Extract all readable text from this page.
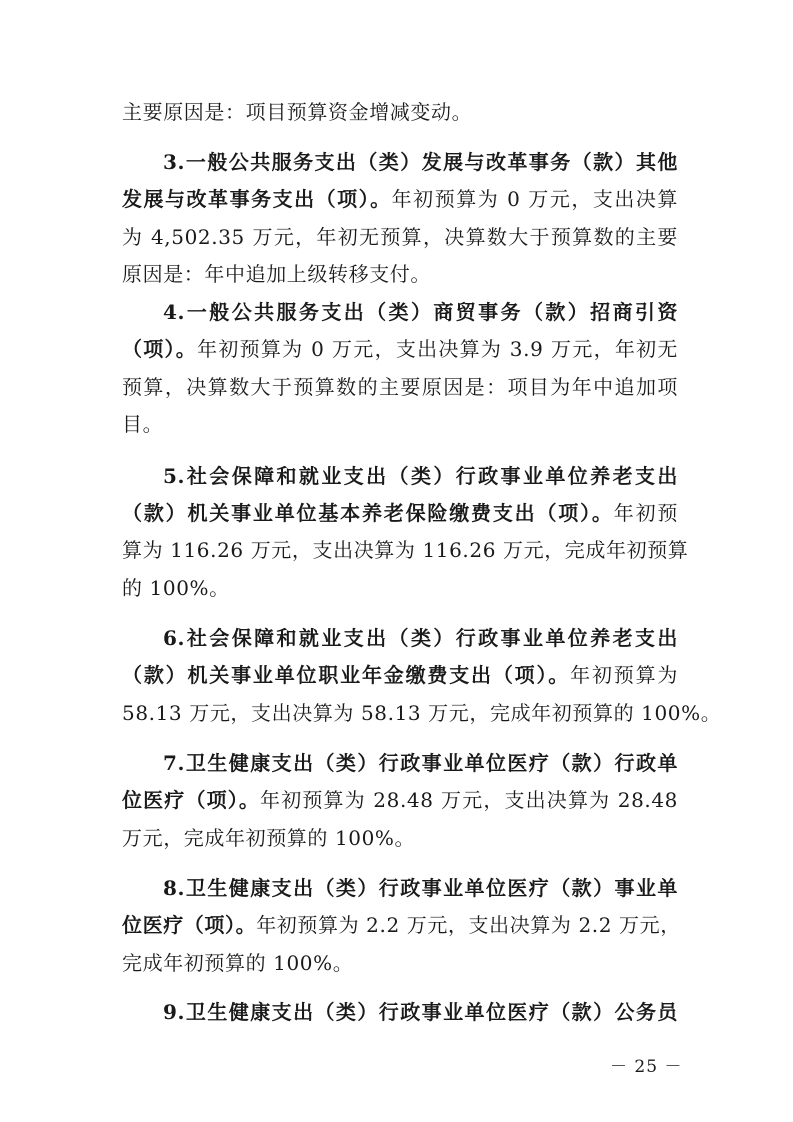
主要原因是：项目预算资金增减变动。
3.一般公共服务支出（类）发展与改革事务（款）其他
发展与改革事务支出（项）。年初预算为 0 万元，支出决算
为 4,502.35 万元，年初无预算，决算数大于预算数的主要
原因是：年中追加上级转移支付。
4.一般公共服务支出（类）商贸事务（款）招商引资
（项）。年初预算为 0 万元，支出决算为 3.9 万元，年初无
预算，决算数大于预算数的主要原因是：项目为年中追加项
目。
5.社会保障和就业支出（类）行政事业单位养老支出
（款）机关事业单位基本养老保险缴费支出（项）。年初预
算为 116.26 万元，支出决算为 116.26 万元，完成年初预算
的 100%。
6.社会保障和就业支出（类）行政事业单位养老支出
（款）机关事业单位职业年金缴费支出（项）。年初预算为
58.13 万元，支出决算为 58.13 万元，完成年初预算的 100%。
7.卫生健康支出（类）行政事业单位医疗（款）行政单
位医疗（项）。年初预算为 28.48 万元，支出决算为 28.48
万元，完成年初预算的 100%。
8.卫生健康支出（类）行政事业单位医疗（款）事业单
位医疗（项）。年初预算为 2.2 万元，支出决算为 2.2 万元，
完成年初预算的 100%。
9.卫生健康支出（类）行政事业单位医疗（款）公务员
－ 25 －
